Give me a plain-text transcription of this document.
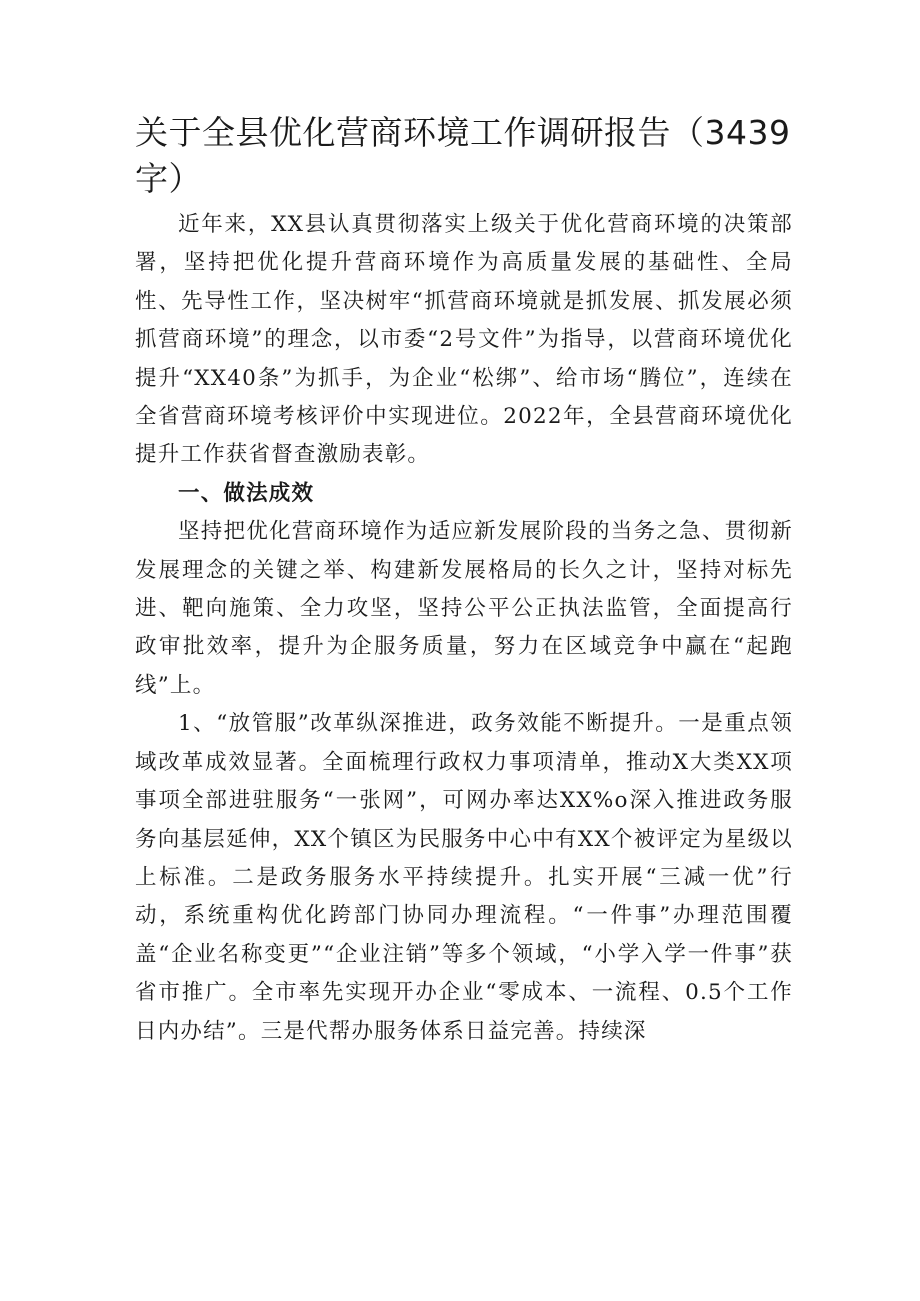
关于全县优化营商环境工作调研报告（3439字）

近年来，XX县认真贯彻落实上级关于优化营商环境的决策部署，坚持把优化提升营商环境作为高质量发展的基础性、全局性、先导性工作，坚决树牢“抓营商环境就是抓发展、抓发展必须抓营商环境”的理念，以市委“2号文件”为指导，以营商环境优化提升“XX40条”为抓手，为企业“松绑”、给市场“腾位”，连续在全省营商环境考核评价中实现进位。2022年，全县营商环境优化提升工作获省督查激励表彰。

一、做法成效

坚持把优化营商环境作为适应新发展阶段的当务之急、贯彻新发展理念的关键之举、构建新发展格局的长久之计，坚持对标先进、靶向施策、全力攻坚，坚持公平公正执法监管，全面提高行政审批效率，提升为企服务质量，努力在区域竞争中赢在“起跑线”上。

1、“放管服”改革纵深推进，政务效能不断提升。一是重点领域改革成效显著。全面梳理行政权力事项清单，推动X大类XX项事项全部进驻服务“一张网”，可网办率达XX%o深入推进政务服务向基层延伸，XX个镇区为民服务中心中有XX个被评定为星级以上标准。二是政务服务水平持续提升。扎实开展“三减一优”行动，系统重构优化跨部门协同办理流程。“一件事”办理范围覆盖“企业名称变更”“企业注销”等多个领域，“小学入学一件事”获省市推广。全市率先实现开办企业“零成本、一流程、0.5个工作日内办结”。三是代帮办服务体系日益完善。持续深
